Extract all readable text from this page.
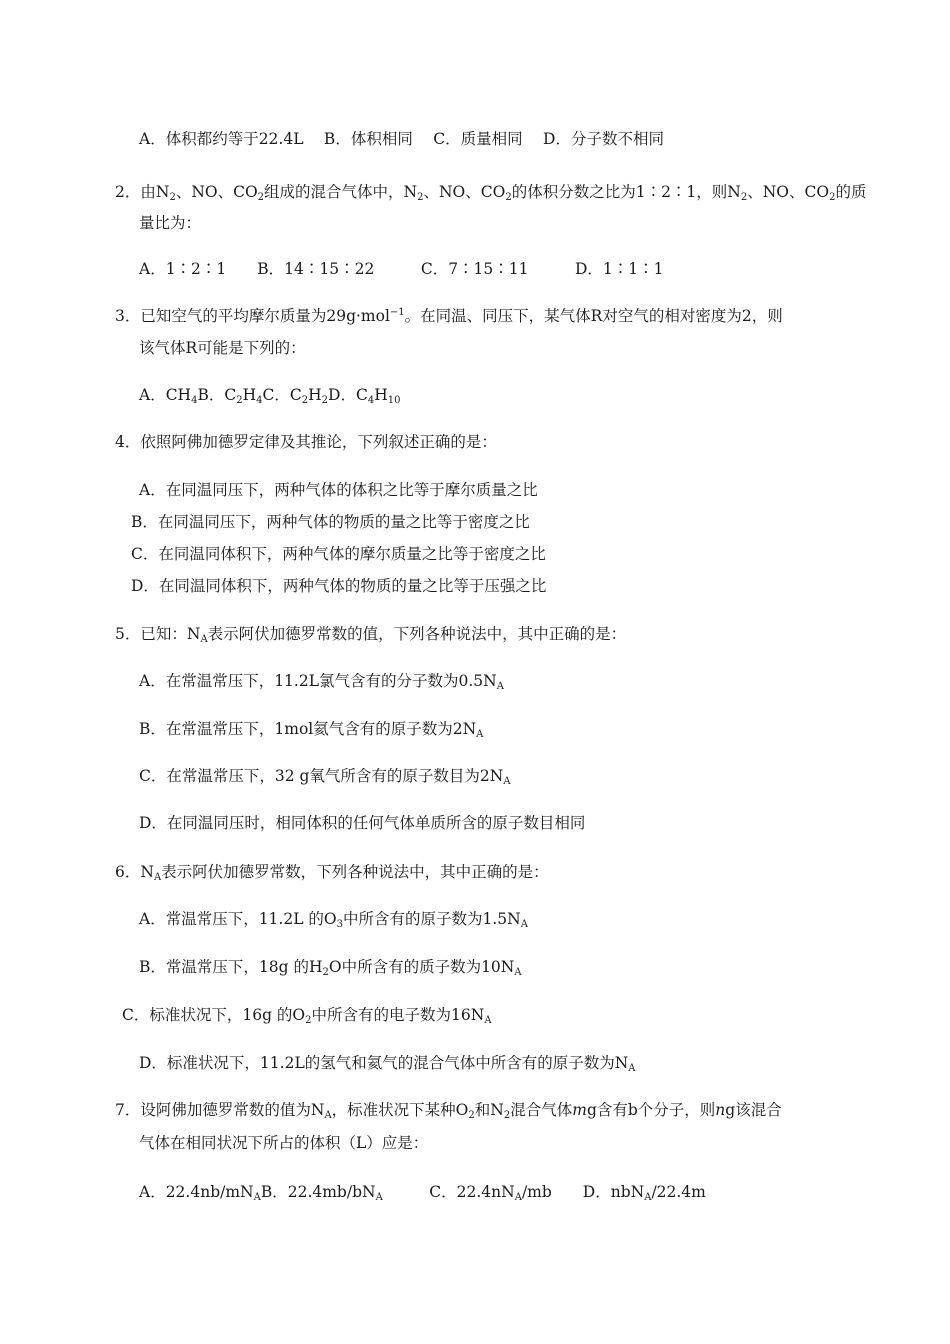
A．体积都约等于22.4L　 B．体积相同　 C．质量相同　 D．分子数不相同
2．由$N_2$、NO、$CO_2$组成的混合气体中，$N_2$、NO、$CO_2$的体积分数之比为1∶2∶1，则$N_2$、NO、$CO_2$的质
量比为：
A．1∶2∶1　　B．14∶15∶22　　　C．7∶15∶11　　　D．1∶1∶1
3．已知空气的平均摩尔质量为29g·mol$^{-1}$。在同温、同压下，某气体R对空气的相对密度为2，则
该气体R可能是下列的：
A．$CH_4B$．$C_2H_4C$．$C_2H_2D$．$C_4H_{10}$
4．依照阿佛加德罗定律及其推论，下列叙述正确的是：
A．在同温同压下，两种气体的体积之比等于摩尔质量之比
B．在同温同压下，两种气体的物质的量之比等于密度之比
C．在同温同体积下，两种气体的摩尔质量之比等于密度之比
D．在同温同体积下，两种气体的物质的量之比等于压强之比
5．已知：$N_A$表示阿伏加德罗常数的值，下列各种说法中，其中正确的是：
A．在常温常压下，11.2L氯气含有的分子数为$0.5N_A$
B．在常温常压下，1mol氦气含有的原子数为$2N_A$
C．在常温常压下，32 g氧气所含有的原子数目为$2N_A$
D．在同温同压时，相同体积的任何气体单质所含的原子数目相同
6．$N_A$表示阿伏加德罗常数，下列各种说法中，其中正确的是：
A．常温常压下，11.2L 的$O_3$中所含有的原子数为$1.5N_A$
B．常温常压下，18g 的$H_2O$中所含有的质子数为$10N_A$
C．标准状况下，16g 的$O_2$中所含有的电子数为$16N_A$
D．标准状况下，11.2L的氢气和氦气的混合气体中所含有的原子数为$N_A$
7．设阿佛加德罗常数的值为$N_A$，标准状况下某种$O_2$和$N_2$混合气体mg含有b个分子，则ng该混合
气体在相同状况下所占的体积（L）应是：
A．$22.4nb/mN_AB$．$22.4mb/bN_A$　　　C．$22.4nN_A/mb$　　D．nbN$_A$/22.4m
